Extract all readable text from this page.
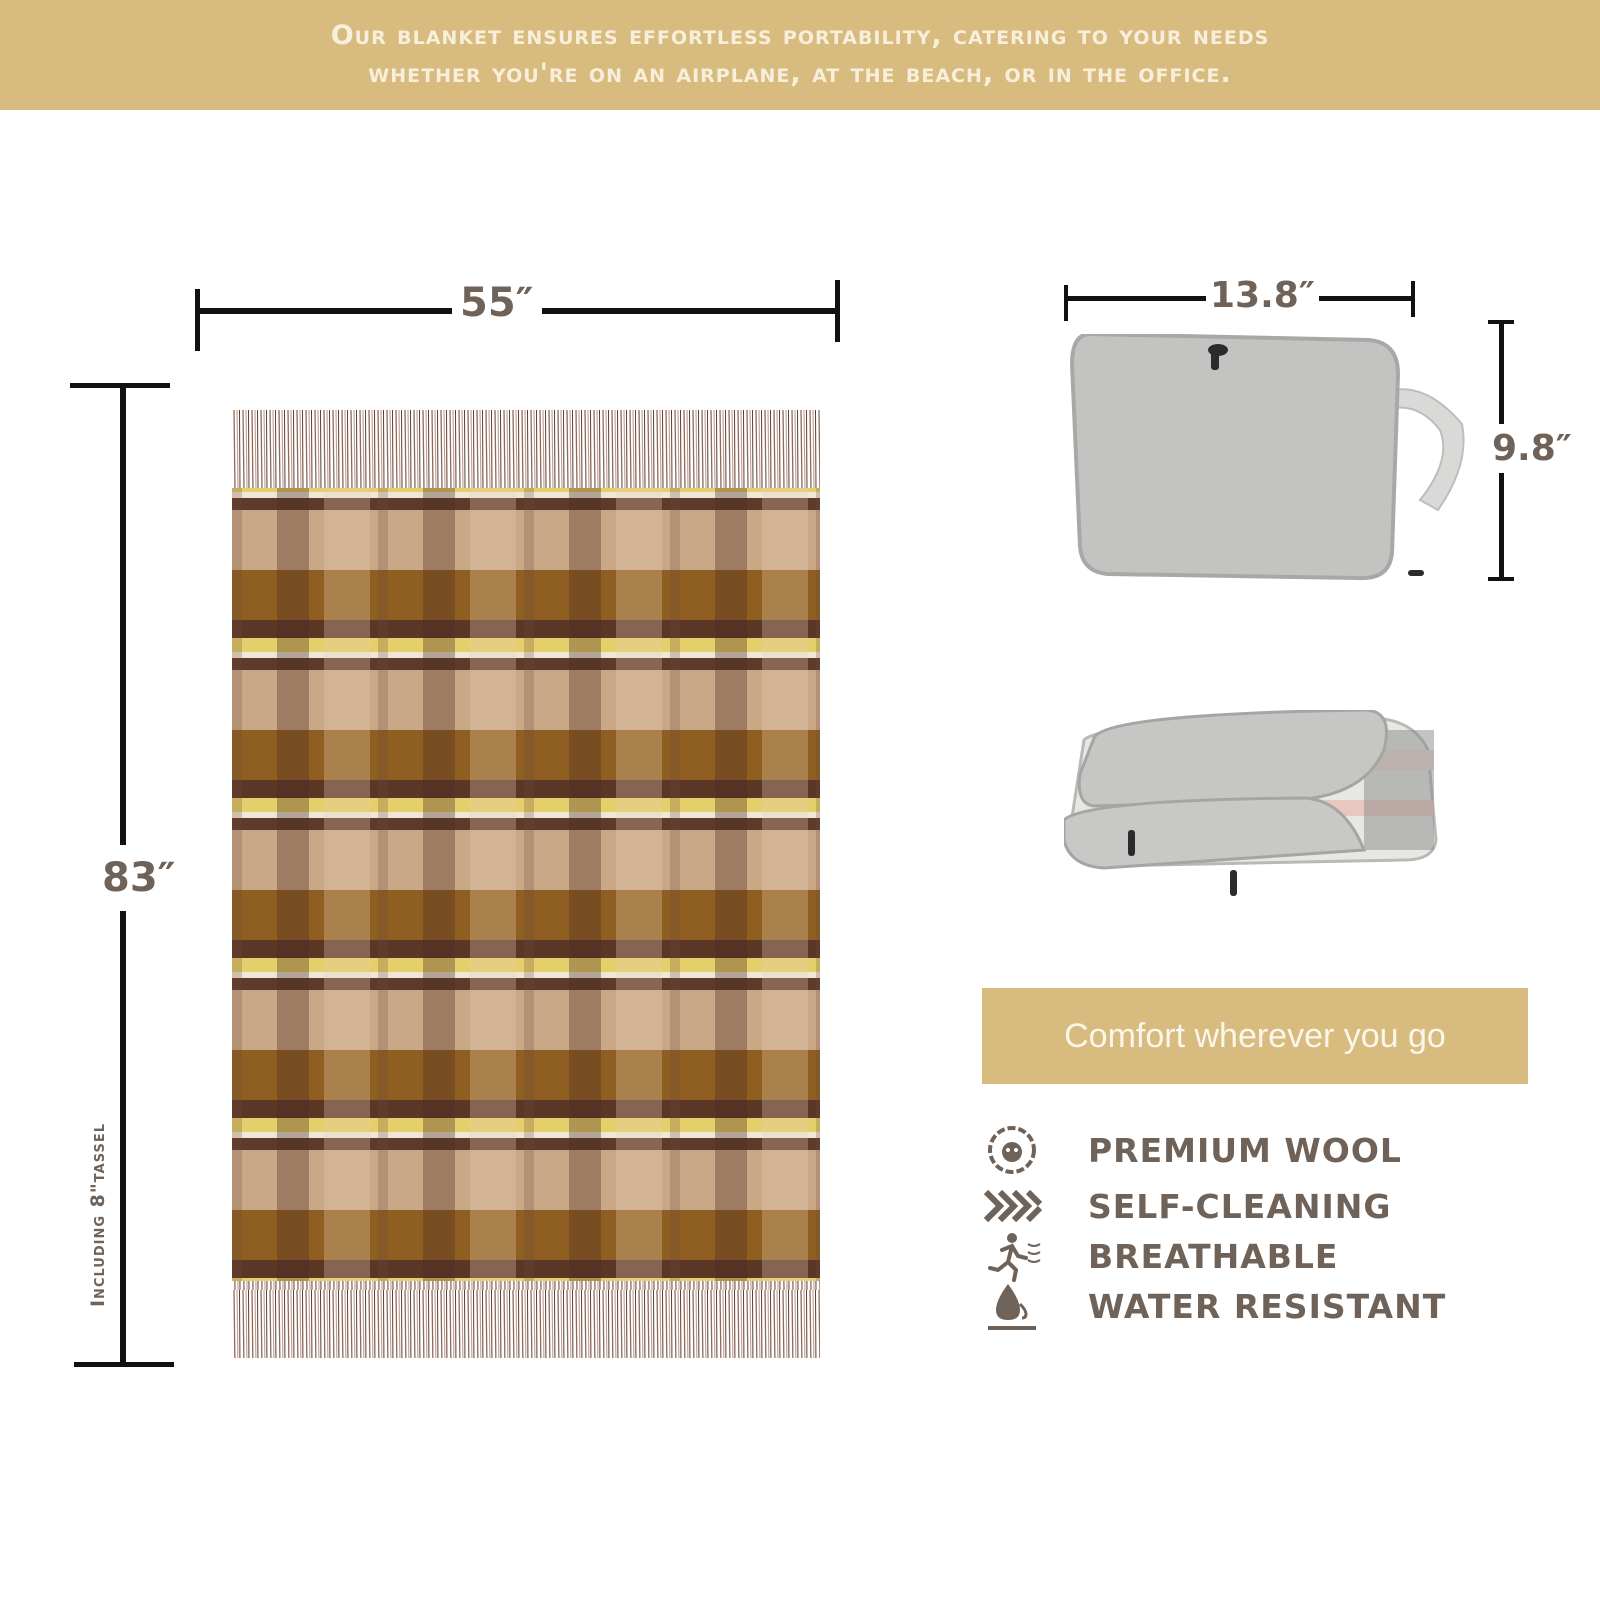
Our blanket ensures effortless portability, catering to your needs
whether you're on an airplane, at the beach, or in the office.
55″
83″
Including 8"tassel
13.8″
9.8″
Comfort wherever you go
PREMIUM WOOL
SELF-CLEANING
BREATHABLE
WATER RESISTANT
